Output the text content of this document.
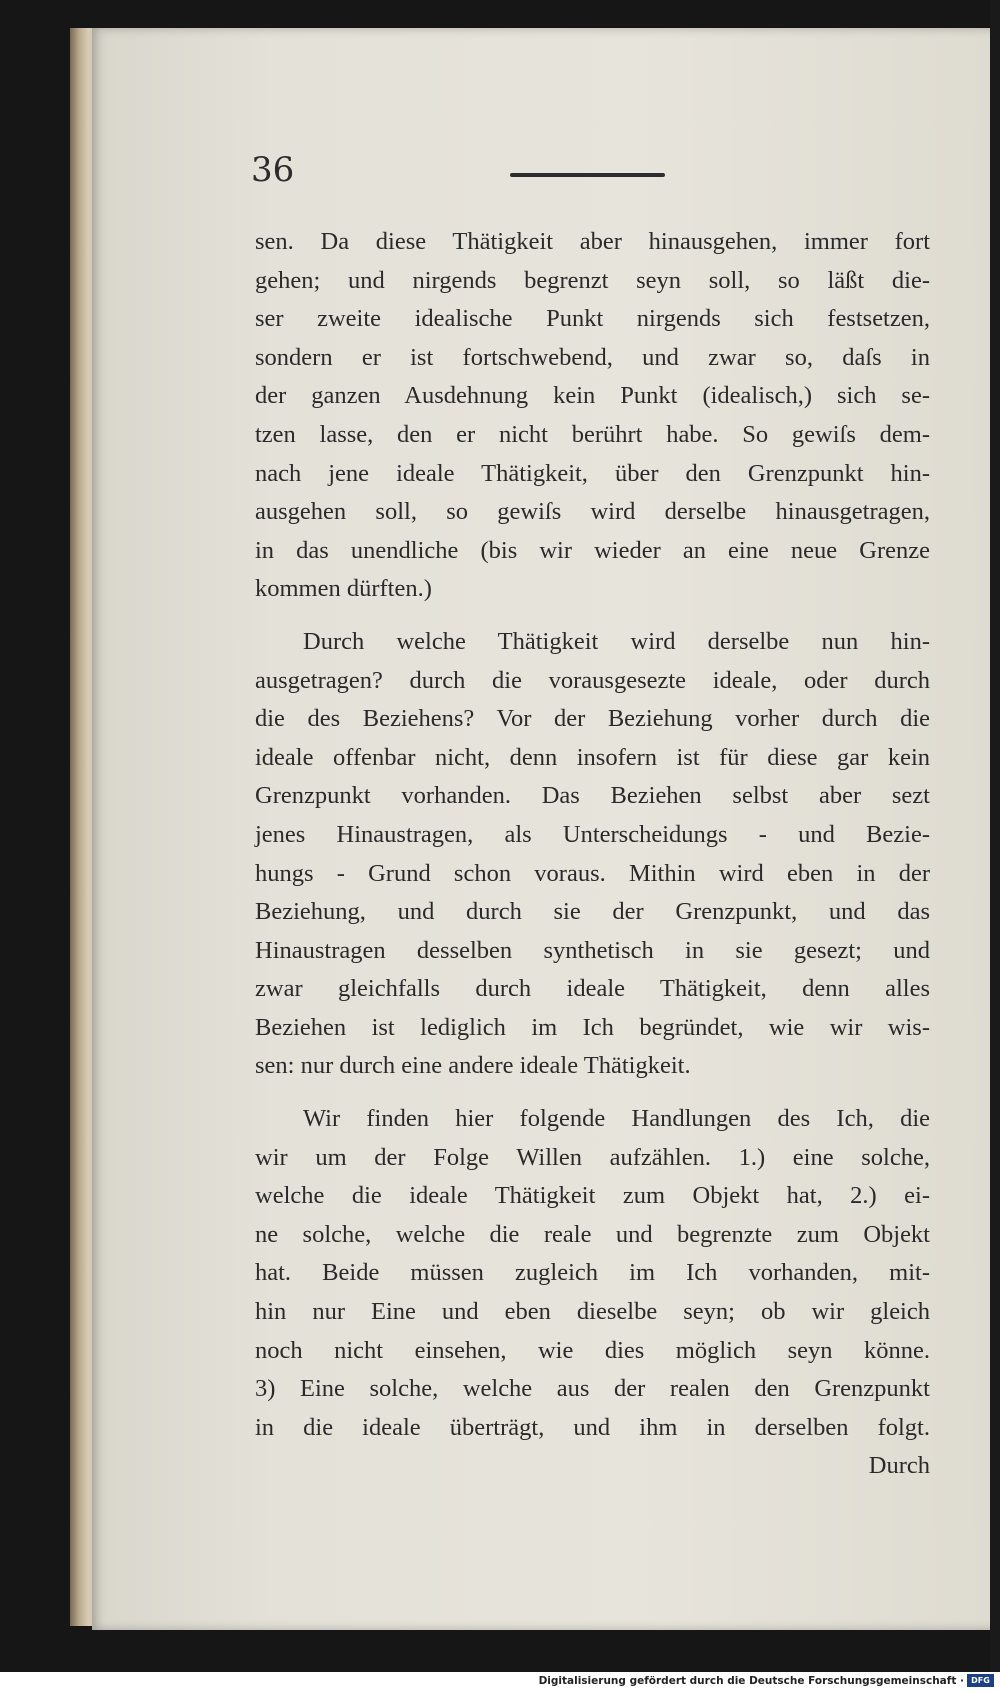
36
sen. Da diese Thätigkeit aber hinausgehen, immer fort
gehen; und nirgends begrenzt seyn soll, so läßt die-
ser zweite idealische Punkt nirgends sich festsetzen,
sondern er ist fortschwebend, und zwar so, daſs in
der ganzen Ausdehnung kein Punkt (idealisch,) sich se-
tzen lasse, den er nicht berührt habe. So gewiſs dem-
nach jene ideale Thätigkeit, über den Grenzpunkt hin-
ausgehen soll, so gewiſs wird derselbe hinausgetragen,
in das unendliche (bis wir wieder an eine neue Grenze
kommen dürften.)
Durch welche Thätigkeit wird derselbe nun hin-
ausgetragen? durch die vorausgesezte ideale, oder durch
die des Beziehens? Vor der Beziehung vorher durch die
ideale offenbar nicht, denn insofern ist für diese gar kein
Grenzpunkt vorhanden. Das Beziehen selbst aber sezt
jenes Hinaustragen, als Unterscheidungs - und Bezie-
hungs - Grund schon voraus. Mithin wird eben in der
Beziehung, und durch sie der Grenzpunkt, und das
Hinaustragen desselben synthetisch in sie gesezt; und
zwar gleichfalls durch ideale Thätigkeit, denn alles
Beziehen ist lediglich im Ich begründet, wie wir wis-
sen: nur durch eine andere ideale Thätigkeit.
Wir finden hier folgende Handlungen des Ich, die
wir um der Folge Willen aufzählen. 1.) eine solche,
welche die ideale Thätigkeit zum Objekt hat, 2.) ei-
ne solche, welche die reale und begrenzte zum Objekt
hat. Beide müssen zugleich im Ich vorhanden, mit-
hin nur Eine und eben dieselbe seyn; ob wir gleich
noch nicht einsehen, wie dies möglich seyn könne.
3) Eine solche, welche aus der realen den Grenzpunkt
in die ideale überträgt, und ihm in derselben folgt.
Durch
Digitalisierung gefördert durch die Deutsche Forschungsgemeinschaft · DFG
